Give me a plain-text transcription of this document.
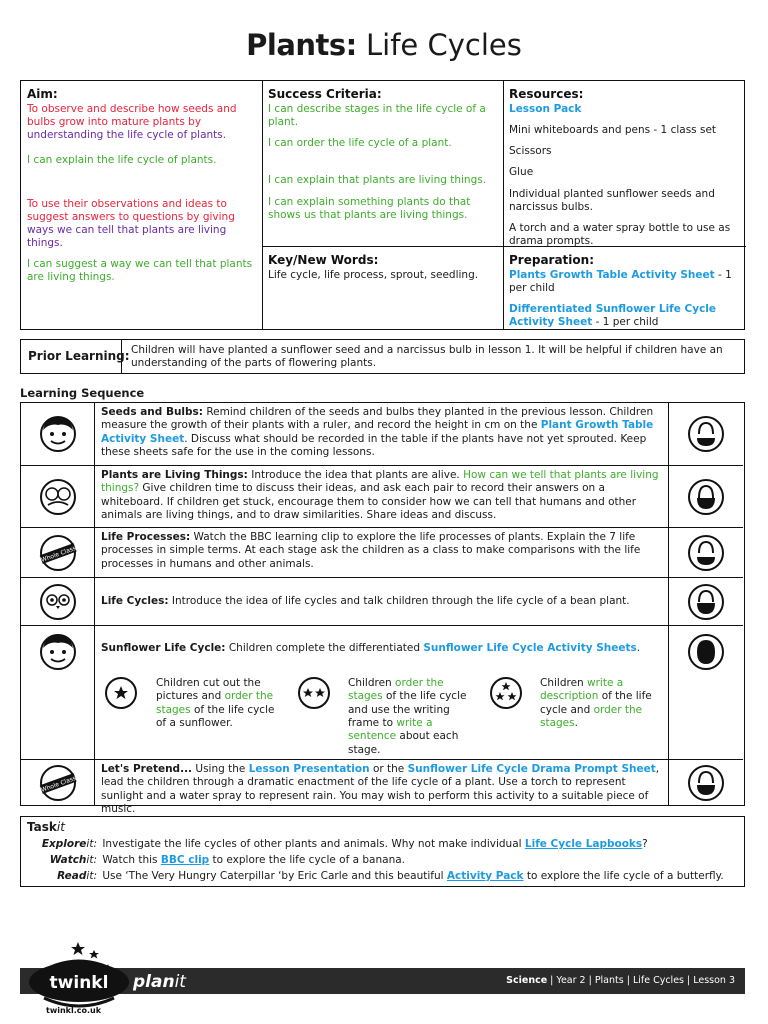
Plants: Life Cycles
Aim:
To observe and describe how seeds and bulbs grow into mature plants by understanding the life cycle of plants.
I can explain the life cycle of plants.
To use their observations and ideas to suggest answers to questions by giving ways we can tell that plants are living things.
I can suggest a way we can tell that plants are living things.
Success Criteria:
I can describe stages in the life cycle of a plant.
I can order the life cycle of a plant.
I can explain that plants are living things.
I can explain something plants do that shows us that plants are living things.
Resources:
Lesson Pack
Mini whiteboards and pens - 1 class set
Scissors
Glue
Individual planted sunflower seeds and narcissus bulbs.
A torch and a water spray bottle to use as drama prompts.
Key/New Words:
Life cycle, life process, sprout, seedling.
Preparation:
Plants Growth Table Activity Sheet - 1 per child
Differentiated Sunflower Life Cycle Activity Sheet - 1 per child
Prior Learning: Children will have planted a sunflower seed and a narcissus bulb in lesson 1. It will be helpful if children have an understanding of the parts of flowering plants.
Learning Sequence
Seeds and Bulbs: Remind children of the seeds and bulbs they planted in the previous lesson. Children measure the growth of their plants with a ruler, and record the height in cm on the Plant Growth Table Activity Sheet. Discuss what should be recorded in the table if the plants have not yet sprouted. Keep these sheets safe for the use in the coming lessons.
Plants are Living Things: Introduce the idea that plants are alive. How can we tell that plants are living things? Give children time to discuss their ideas, and ask each pair to record their answers on a whiteboard. If children get stuck, encourage them to consider how we can tell that humans and other animals are living things, and to draw similarities. Share ideas and discuss.
Whole Class
Life Processes: Watch the BBC learning clip to explore the life processes of plants. Explain the 7 life processes in simple terms. At each stage ask the children as a class to make comparisons with the life processes in humans and other animals.
Life Cycles: Introduce the idea of life cycles and talk children through the life cycle of a bean plant.
Sunflower Life Cycle: Children complete the differentiated Sunflower Life Cycle Activity Sheets.
Children cut out the pictures and order the stages of the life cycle of a sunflower.
Children order the stages of the life cycle and use the writing frame to write a sentence about each stage.
Children write a description of the life cycle and order the stages.
Whole Class
Let's Pretend... Using the Lesson Presentation or the Sunflower Life Cycle Drama Prompt Sheet, lead the children through a dramatic enactment of the life cycle of a plant. Use a torch to represent sunlight and a water spray to represent rain. You may wish to perform this activity to a suitable piece of music.
Taskit
Exploreit: Investigate the life cycles of other plants and animals. Why not make individual Life Cycle Lapbooks?
Watchit: Watch this BBC clip to explore the life cycle of a banana.
Readit: Use ‘The Very Hungry Caterpillar ‘by Eric Carle and this beautiful Activity Pack to explore the life cycle of a butterfly.
Science | Year 2 | Plants | Life Cycles | Lesson 3
twinkl planit
twinkl.co.uk
